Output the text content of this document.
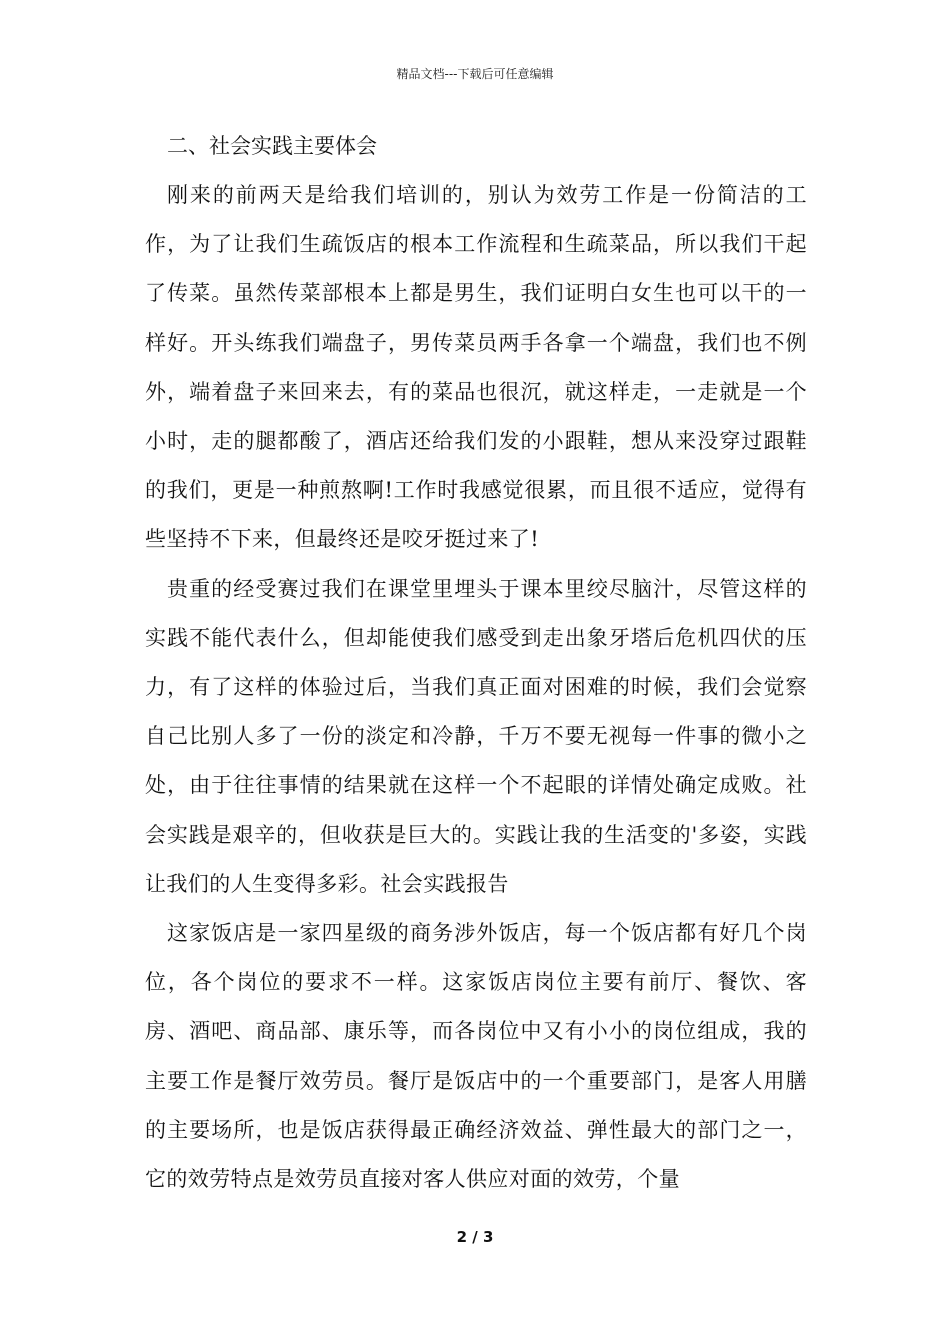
精品文档---下载后可任意编辑
二、社会实践主要体会

刚来的前两天是给我们培训的，别认为效劳工作是一份简洁的工作，为了让我们生疏饭店的根本工作流程和生疏菜品，所以我们干起了传菜。虽然传菜部根本上都是男生，我们证明白女生也可以干的一样好。开头练我们端盘子，男传菜员两手各拿一个端盘，我们也不例外，端着盘子来回来去，有的菜品也很沉，就这样走，一走就是一个小时，走的腿都酸了，酒店还给我们发的小跟鞋，想从来没穿过跟鞋的我们，更是一种煎熬啊!工作时我感觉很累，而且很不适应，觉得有些坚持不下来，但最终还是咬牙挺过来了!

贵重的经受赛过我们在课堂里埋头于课本里绞尽脑汁，尽管这样的实践不能代表什么，但却能使我们感受到走出象牙塔后危机四伏的压力，有了这样的体验过后，当我们真正面对困难的时候，我们会觉察自己比别人多了一份的淡定和冷静，千万不要无视每一件事的微小之处，由于往往事情的结果就在这样一个不起眼的详情处确定成败。社会实践是艰辛的，但收获是巨大的。实践让我的生活变的'多姿，实践让我们的人生变得多彩。社会实践报告

这家饭店是一家四星级的商务涉外饭店，每一个饭店都有好几个岗位，各个岗位的要求不一样。这家饭店岗位主要有前厅、餐饮、客房、酒吧、商品部、康乐等，而各岗位中又有小小的岗位组成，我的主要工作是餐厅效劳员。餐厅是饭店中的一个重要部门，是客人用膳的主要场所，也是饭店获得最正确经济效益、弹性最大的部门之一，它的效劳特点是效劳员直接对客人供应对面的效劳，个量

2 / 3
